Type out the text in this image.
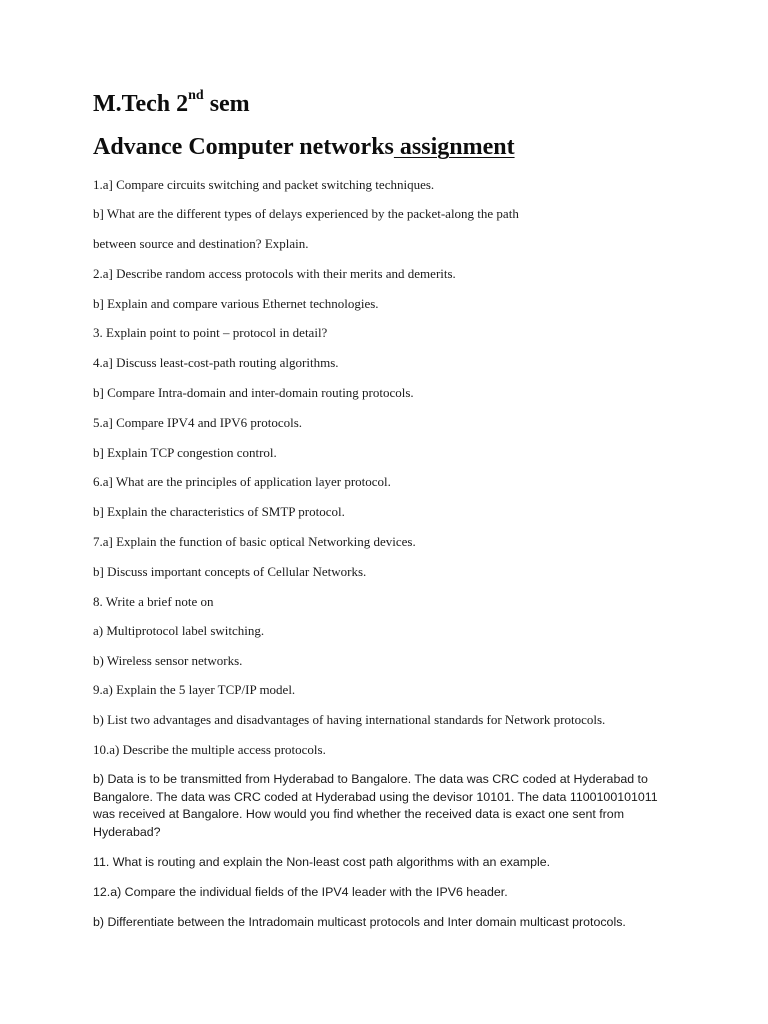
M.Tech 2nd sem
Advance Computer networks assignment

1.a] Compare circuits switching and packet switching techniques.

b] What are the different types of delays experienced by the packet-along the path

between source and destination? Explain.

2.a] Describe random access protocols with their merits and demerits.

b] Explain and compare various Ethernet technologies.

3. Explain point to point – protocol in detail?

4.a] Discuss least-cost-path routing algorithms.

b] Compare Intra-domain and inter-domain routing protocols.

5.a] Compare IPV4 and IPV6 protocols.

b] Explain TCP congestion control.

6.a] What are the principles of application layer protocol.

b] Explain the characteristics of SMTP protocol.

7.a] Explain the function of basic optical Networking devices.

b] Discuss important concepts of Cellular Networks.

8. Write a brief note on

a) Multiprotocol label switching.

b) Wireless sensor networks.

9.a) Explain the 5 layer TCP/IP model.

b) List two advantages and disadvantages of having international standards for Network protocols.

10.a) Describe the multiple access protocols.

b) Data is to be transmitted from Hyderabad to Bangalore. The data was CRC coded at Hyderabad to
Bangalore. The data was CRC coded at Hyderabad using the devisor 10101. The data 1100100101011
was received at Bangalore. How would you find whether the received data is exact one sent from
Hyderabad?

11. What is routing and explain the Non-least cost path algorithms with an example.

12.a) Compare the individual fields of the IPV4 leader with the IPV6 header.

b) Differentiate between the Intradomain multicast protocols and Inter domain multicast protocols.
